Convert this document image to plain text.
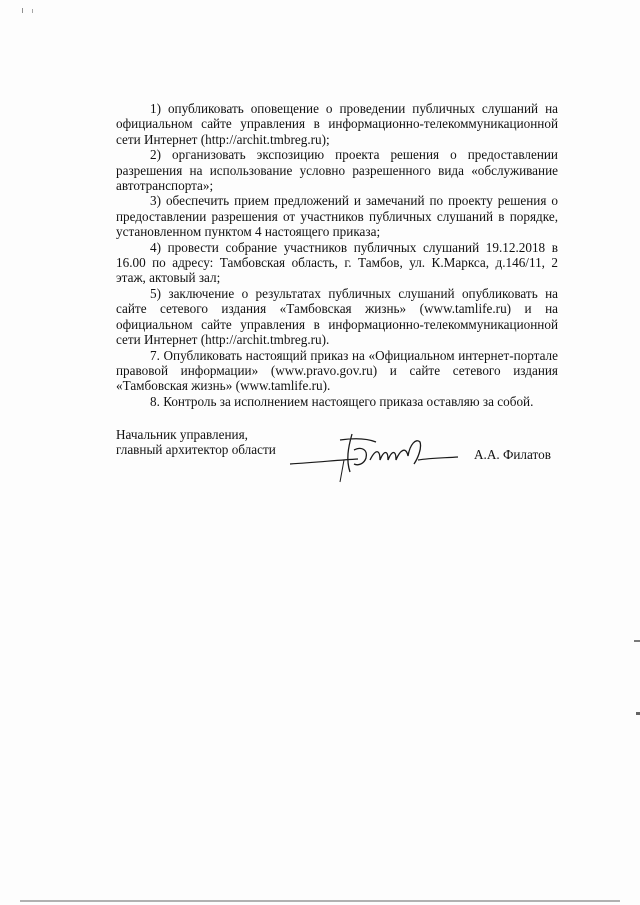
1) опубликовать оповещение о проведении публичных слушаний на официальном сайте управления в информационно-телекоммуникационной сети Интернет (http://archit.tmbreg.ru);

2) организовать экспозицию проекта решения о предоставлении разрешения на использование условно разрешенного вида «обслуживание автотранспорта»;

3) обеспечить прием предложений и замечаний по проекту решения о предоставлении разрешения от участников публичных слушаний в порядке, установленном пунктом 4 настоящего приказа;

4) провести собрание участников публичных слушаний 19.12.2018 в 16.00 по адресу: Тамбовская область, г. Тамбов, ул. К.Маркса, д.146/11, 2 этаж, актовый зал;

5) заключение о результатах публичных слушаний опубликовать на сайте сетевого издания «Тамбовская жизнь» (www.tamlife.ru) и на официальном сайте управления в информационно-телекоммуникационной сети Интернет (http://archit.tmbreg.ru).

7. Опубликовать настоящий приказ на «Официальном интернет-портале правовой информации» (www.pravo.gov.ru) и сайте сетевого издания «Тамбовская жизнь» (www.tamlife.ru).

8. Контроль за исполнением настоящего приказа оставляю за собой.

Начальник управления,
главный архитектор области	А.А. Филатов
